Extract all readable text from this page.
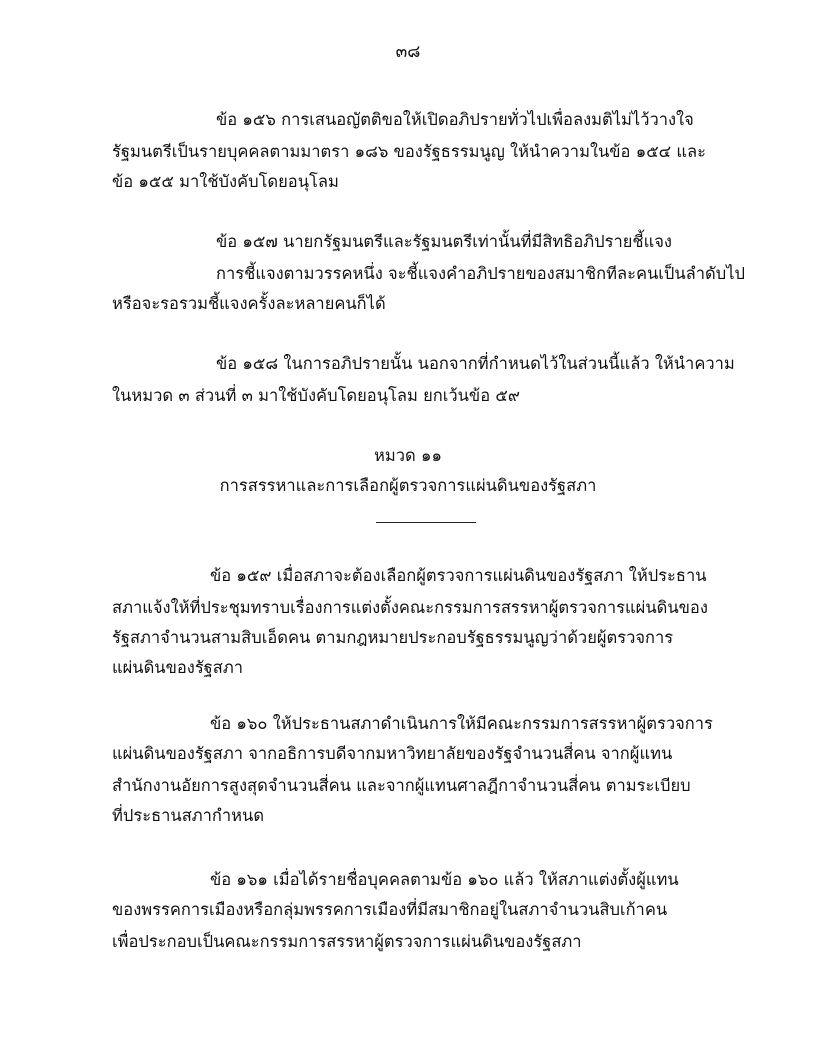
๓๘
ข้อ ๑๕๖ การเสนอญัตติขอให้เปิดอภิปรายทั่วไปเพื่อลงมติไม่ไว้วางใจ
รัฐมนตรีเป็นรายบุคคลตามมาตรา ๑๘๖ ของรัฐธรรมนูญ ให้นำความในข้อ ๑๕๔ และ
ข้อ ๑๕๕ มาใช้บังคับโดยอนุโลม
ข้อ ๑๕๗ นายกรัฐมนตรีและรัฐมนตรีเท่านั้นที่มีสิทธิอภิปรายชี้แจง
การชี้แจงตามวรรคหนึ่ง จะชี้แจงคำอภิปรายของสมาชิกทีละคนเป็นลำดับไป
หรือจะรอรวมชี้แจงครั้งละหลายคนก็ได้
ข้อ ๑๕๘ ในการอภิปรายนั้น นอกจากที่กำหนดไว้ในส่วนนี้แล้ว ให้นำความ
ในหมวด ๓ ส่วนที่ ๓ มาใช้บังคับโดยอนุโลม ยกเว้นข้อ ๕๙
หมวด ๑๑
การสรรหาและการเลือกผู้ตรวจการแผ่นดินของรัฐสภา
ข้อ ๑๕๙ เมื่อสภาจะต้องเลือกผู้ตรวจการแผ่นดินของรัฐสภา ให้ประธาน
สภาแจ้งให้ที่ประชุมทราบเรื่องการแต่งตั้งคณะกรรมการสรรหาผู้ตรวจการแผ่นดินของ
รัฐสภาจำนวนสามสิบเอ็ดคน ตามกฎหมายประกอบรัฐธรรมนูญว่าด้วยผู้ตรวจการ
แผ่นดินของรัฐสภา
ข้อ ๑๖๐ ให้ประธานสภาดำเนินการให้มีคณะกรรมการสรรหาผู้ตรวจการ
แผ่นดินของรัฐสภา จากอธิการบดีจากมหาวิทยาลัยของรัฐจำนวนสี่คน จากผู้แทน
สำนักงานอัยการสูงสุดจำนวนสี่คน และจากผู้แทนศาลฎีกาจำนวนสี่คน ตามระเบียบ
ที่ประธานสภากำหนด
ข้อ ๑๖๑ เมื่อได้รายชื่อบุคคลตามข้อ ๑๖๐ แล้ว ให้สภาแต่งตั้งผู้แทน
ของพรรคการเมืองหรือกลุ่มพรรคการเมืองที่มีสมาชิกอยู่ในสภาจำนวนสิบเก้าคน
เพื่อประกอบเป็นคณะกรรมการสรรหาผู้ตรวจการแผ่นดินของรัฐสภา
